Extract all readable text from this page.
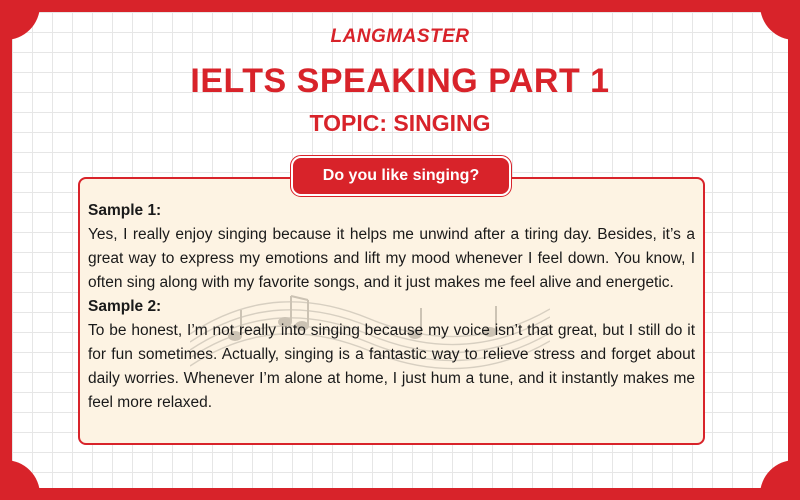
LANGMASTER
IELTS SPEAKING PART 1
TOPIC: SINGING
Sample 1:

Yes, I really enjoy singing because it helps me unwind after a tiring day. Besides, it’s a great way to express my emotions and lift my mood whenever I feel down. You know, I often sing along with my favorite songs, and it just makes me feel alive and energetic.

Sample 2:

To be honest, I’m not really into singing because my voice isn’t that great, but I still do it for fun sometimes. Actually, singing is a fantastic way to relieve stress and forget about daily worries. Whenever I’m alone at home, I just hum a tune, and it instantly makes me feel more relaxed.

Do you like singing?
